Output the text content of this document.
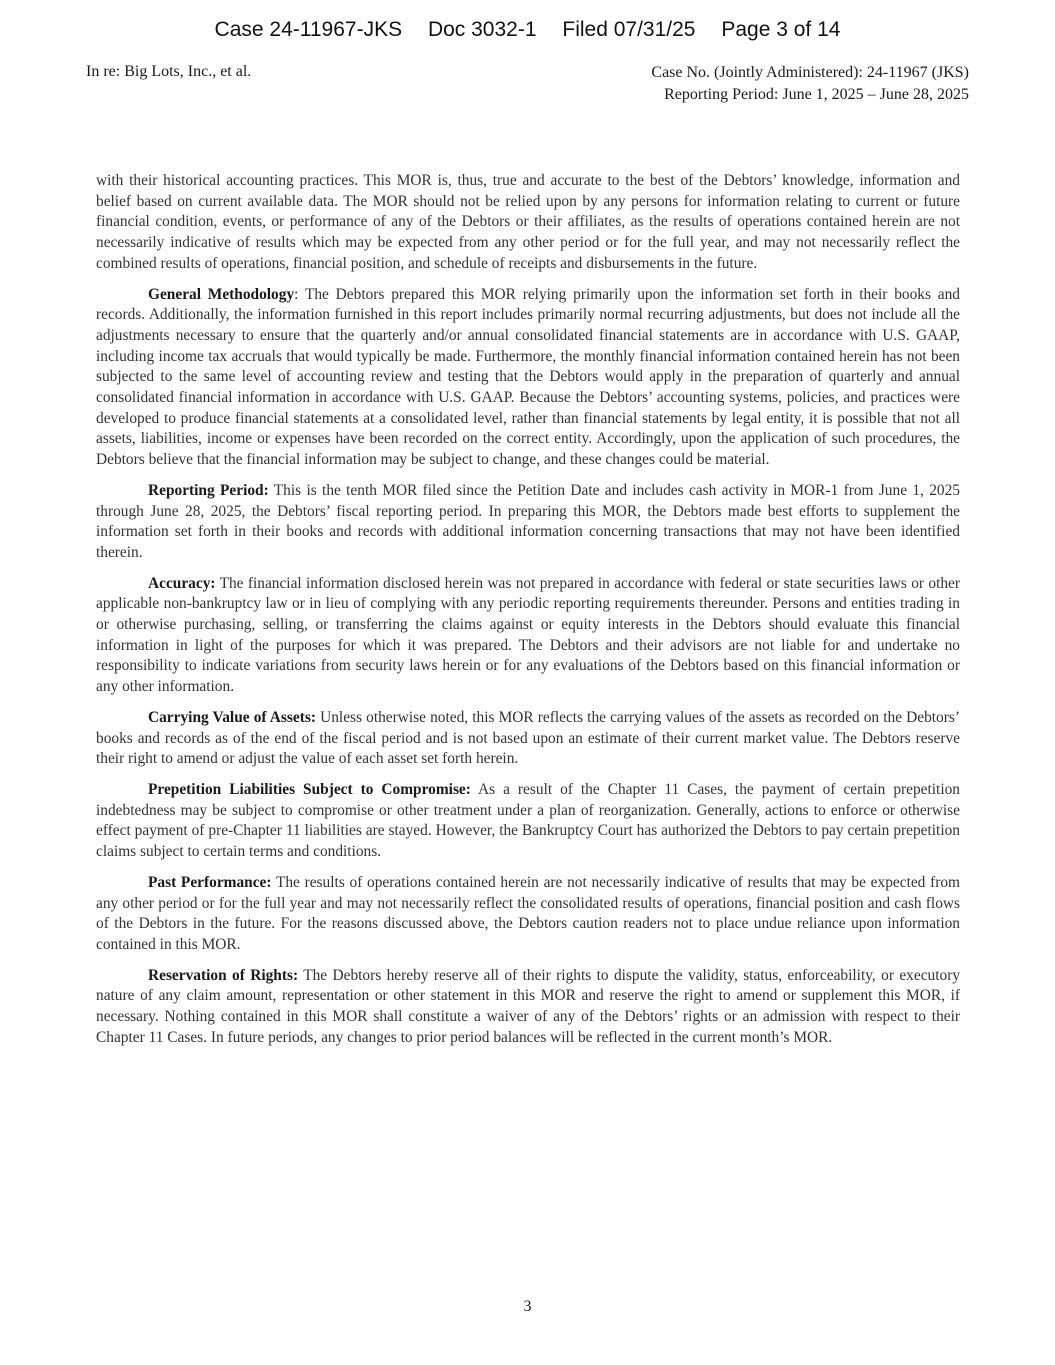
Case 24-11967-JKS Doc 3032-1 Filed 07/31/25 Page 3 of 14
In re: Big Lots, Inc., et al.	Case No. (Jointly Administered): 24-11967 (JKS)
Reporting Period: June 1, 2025 – June 28, 2025

with their historical accounting practices. This MOR is, thus, true and accurate to the best of the Debtors’ knowledge, information and belief based on current available data. The MOR should not be relied upon by any persons for information relating to current or future financial condition, events, or performance of any of the Debtors or their affiliates, as the results of operations contained herein are not necessarily indicative of results which may be expected from any other period or for the full year, and may not necessarily reflect the combined results of operations, financial position, and schedule of receipts and disbursements in the future.

General Methodology: The Debtors prepared this MOR relying primarily upon the information set forth in their books and records. Additionally, the information furnished in this report includes primarily normal recurring adjustments, but does not include all the adjustments necessary to ensure that the quarterly and/or annual consolidated financial statements are in accordance with U.S. GAAP, including income tax accruals that would typically be made. Furthermore, the monthly financial information contained herein has not been subjected to the same level of accounting review and testing that the Debtors would apply in the preparation of quarterly and annual consolidated financial information in accordance with U.S. GAAP. Because the Debtors’ accounting systems, policies, and practices were developed to produce financial statements at a consolidated level, rather than financial statements by legal entity, it is possible that not all assets, liabilities, income or expenses have been recorded on the correct entity. Accordingly, upon the application of such procedures, the Debtors believe that the financial information may be subject to change, and these changes could be material.

Reporting Period: This is the tenth MOR filed since the Petition Date and includes cash activity in MOR-1 from June 1, 2025 through June 28, 2025, the Debtors’ fiscal reporting period. In preparing this MOR, the Debtors made best efforts to supplement the information set forth in their books and records with additional information concerning transactions that may not have been identified therein.

Accuracy: The financial information disclosed herein was not prepared in accordance with federal or state securities laws or other applicable non-bankruptcy law or in lieu of complying with any periodic reporting requirements thereunder. Persons and entities trading in or otherwise purchasing, selling, or transferring the claims against or equity interests in the Debtors should evaluate this financial information in light of the purposes for which it was prepared. The Debtors and their advisors are not liable for and undertake no responsibility to indicate variations from security laws herein or for any evaluations of the Debtors based on this financial information or any other information.

Carrying Value of Assets: Unless otherwise noted, this MOR reflects the carrying values of the assets as recorded on the Debtors’ books and records as of the end of the fiscal period and is not based upon an estimate of their current market value. The Debtors reserve their right to amend or adjust the value of each asset set forth herein.

Prepetition Liabilities Subject to Compromise: As a result of the Chapter 11 Cases, the payment of certain prepetition indebtedness may be subject to compromise or other treatment under a plan of reorganization. Generally, actions to enforce or otherwise effect payment of pre-Chapter 11 liabilities are stayed. However, the Bankruptcy Court has authorized the Debtors to pay certain prepetition claims subject to certain terms and conditions.

Past Performance: The results of operations contained herein are not necessarily indicative of results that may be expected from any other period or for the full year and may not necessarily reflect the consolidated results of operations, financial position and cash flows of the Debtors in the future. For the reasons discussed above, the Debtors caution readers not to place undue reliance upon information contained in this MOR.

Reservation of Rights: The Debtors hereby reserve all of their rights to dispute the validity, status, enforceability, or executory nature of any claim amount, representation or other statement in this MOR and reserve the right to amend or supplement this MOR, if necessary. Nothing contained in this MOR shall constitute a waiver of any of the Debtors’ rights or an admission with respect to their Chapter 11 Cases. In future periods, any changes to prior period balances will be reflected in the current month’s MOR.

3
